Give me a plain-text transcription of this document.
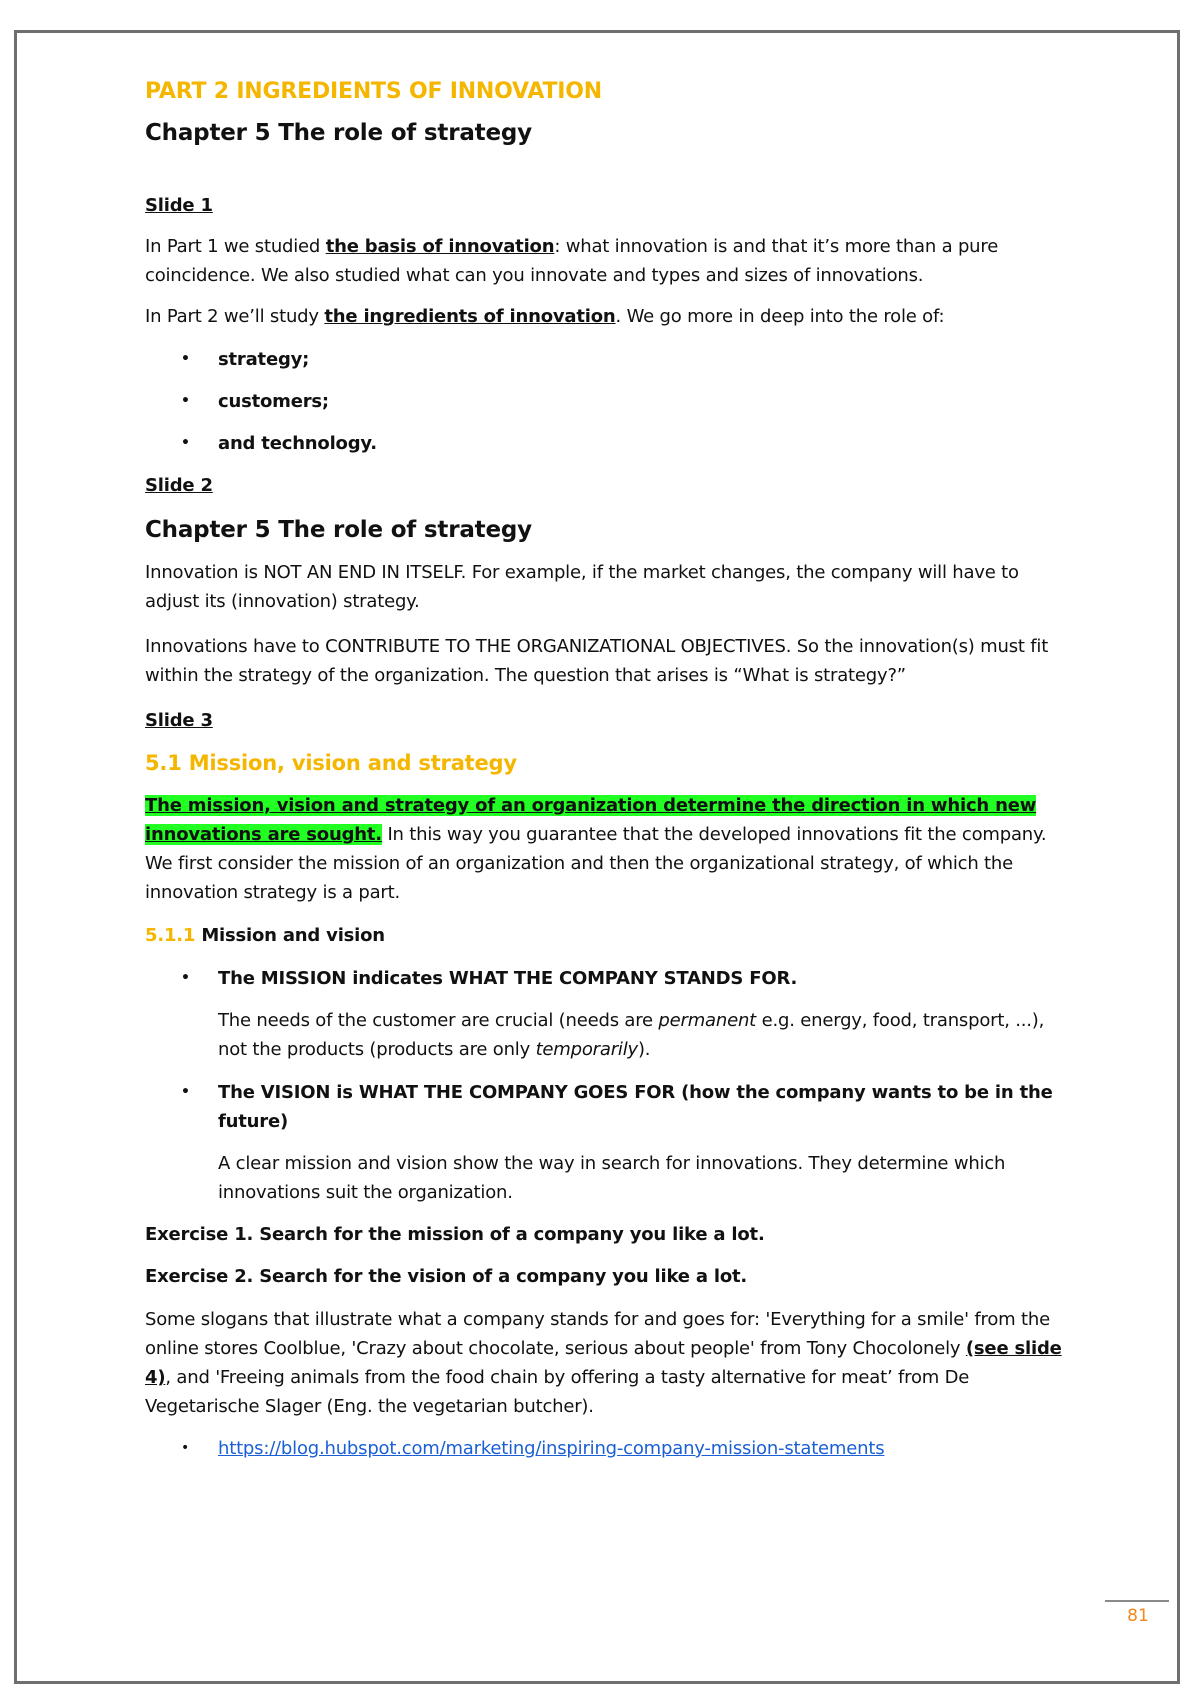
PART 2 INGREDIENTS OF INNOVATION
Chapter 5 The role of strategy

Slide 1

In Part 1 we studied the basis of innovation: what innovation is and that it’s more than a pure coincidence. We also studied what can you innovate and types and sizes of innovations.

In Part 2 we’ll study the ingredients of innovation. We go more in deep into the role of:

• strategy;
• customers;
• and technology.

Slide 2

Chapter 5 The role of strategy

Innovation is NOT AN END IN ITSELF. For example, if the market changes, the company will have to adjust its (innovation) strategy.

Innovations have to CONTRIBUTE TO THE ORGANIZATIONAL OBJECTIVES. So the innovation(s) must fit within the strategy of the organization. The question that arises is “What is strategy?”

Slide 3

5.1 Mission, vision and strategy

The mission, vision and strategy of an organization determine the direction in which new innovations are sought. In this way you guarantee that the developed innovations fit the company. We first consider the mission of an organization and then the organizational strategy, of which the innovation strategy is a part.

5.1.1 Mission and vision

• The MISSION indicates WHAT THE COMPANY STANDS FOR.

The needs of the customer are crucial (needs are permanent e.g. energy, food, transport, ...), not the products (products are only temporarily).

• The VISION is WHAT THE COMPANY GOES FOR (how the company wants to be in the future)

A clear mission and vision show the way in search for innovations. They determine which innovations suit the organization.

Exercise 1. Search for the mission of a company you like a lot.

Exercise 2. Search for the vision of a company you like a lot.

Some slogans that illustrate what a company stands for and goes for: 'Everything for a smile' from the online stores Coolblue, 'Crazy about chocolate, serious about people' from Tony Chocolonely (see slide 4), and 'Freeing animals from the food chain by offering a tasty alternative for meat’ from De Vegetarische Slager (Eng. the vegetarian butcher).

• https://blog.hubspot.com/marketing/inspiring-company-mission-statements
81
